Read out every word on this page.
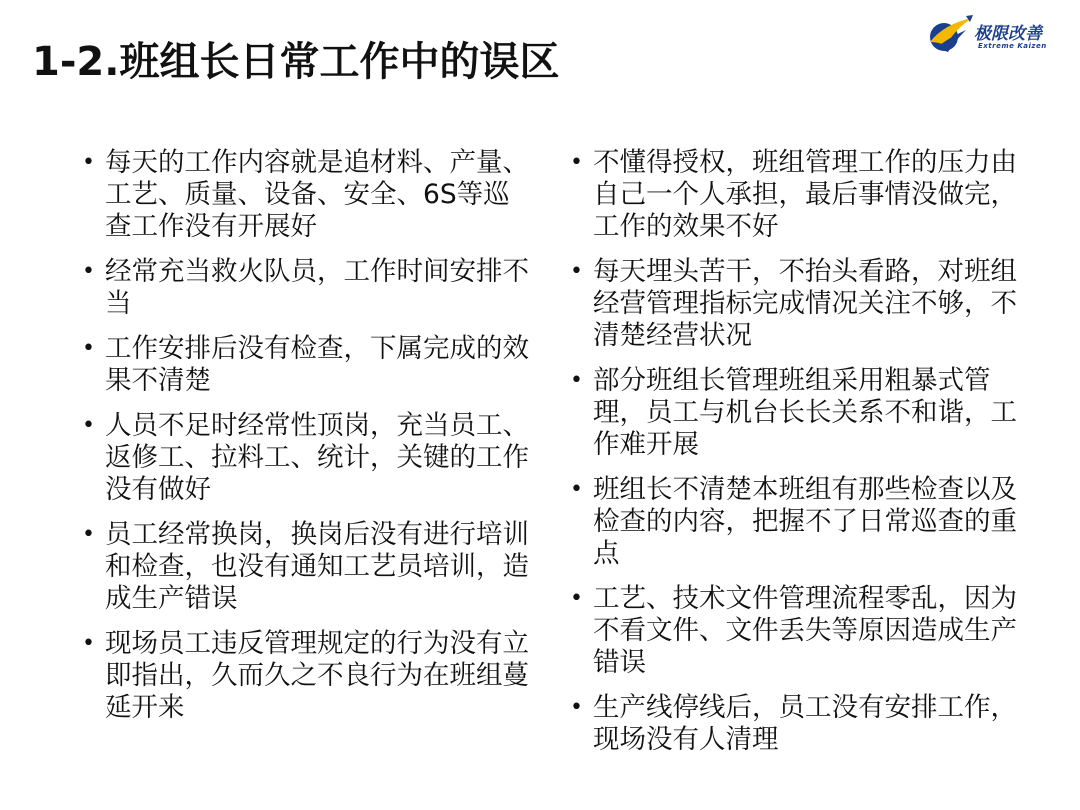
1-2.班组长日常工作中的误区
极限改善
Extreme Kaizen
• 每天的工作内容就是追材料、产量、工艺、质量、设备、安全、6S等巡查工作没有开展好
• 经常充当救火队员，工作时间安排不当
• 工作安排后没有检查，下属完成的效果不清楚
• 人员不足时经常性顶岗，充当员工、返修工、拉料工、统计，关键的工作没有做好
• 员工经常换岗，换岗后没有进行培训和检查，也没有通知工艺员培训，造成生产错误
• 现场员工违反管理规定的行为没有立即指出，久而久之不良行为在班组蔓延开来
• 不懂得授权，班组管理工作的压力由自己一个人承担，最后事情没做完，工作的效果不好
• 每天埋头苦干，不抬头看路，对班组经营管理指标完成情况关注不够，不清楚经营状况
• 部分班组长管理班组采用粗暴式管理，员工与机台长长关系不和谐，工作难开展
• 班组长不清楚本班组有那些检查以及检查的内容，把握不了日常巡查的重点
• 工艺、技术文件管理流程零乱，因为不看文件、文件丢失等原因造成生产错误
• 生产线停线后，员工没有安排工作，现场没有人清理
